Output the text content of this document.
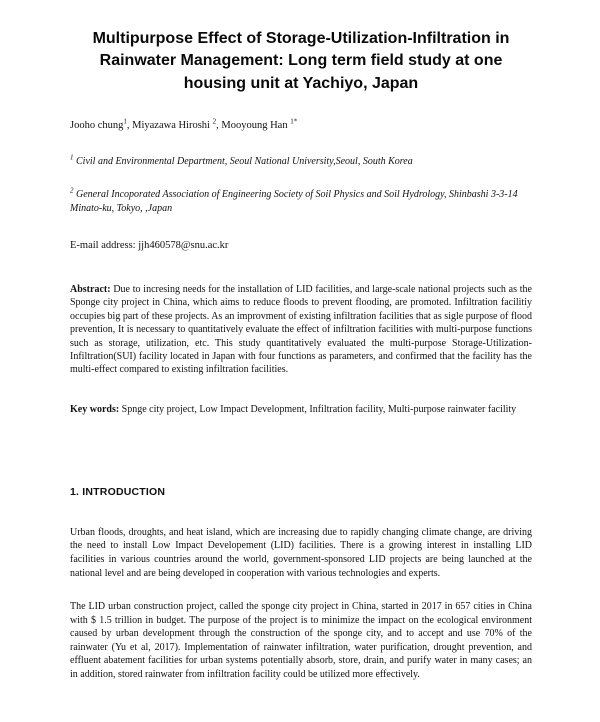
Multipurpose Effect of Storage-Utilization-Infiltration in Rainwater Management: Long term field study at one housing unit at Yachiyo, Japan

Jooho chung$^1$, Miyazawa Hiroshi $^2$, Mooyoung Han $^{1*}$

$^1$ Civil and Environmental Department, Seoul National University,Seoul, South Korea

$^2$ General Incoporated Association of Engineering Society of Soil Physics and Soil Hydrology, Shinbashi 3-3-14 Minato-ku, Tokyo, ,Japan

E-mail address: jjh460578@snu.ac.kr

Abstract: Due to incresing needs for the installation of LID facilities, and large-scale national projects such as the Sponge city project in China, which aims to reduce floods to prevent flooding, are promoted. Infiltration facilitiy occupies big part of these projects. As an improvment of existing infiltration facilities that as sigle purpose of flood prevention, It is necessary to quantitatively evaluate the effect of infiltration facilities with multi-purpose functions such as storage, utilization, etc. This study quantitatively evaluated the multi-purpose Storage-Utilization-Infiltration(SUI) facility located in Japan with four functions as parameters, and confirmed that the facility has the multi-effect compared to existing infiltration facilities.

Key words: Spnge city project, Low Impact Development, Infiltration facility, Multi-purpose rainwater facility

1. INTRODUCTION

Urban floods, droughts, and heat island, which are increasing due to rapidly changing climate change, are driving the need to install Low Impact Developement (LID) facilities. There is a growing interest in installing LID facilities in various countries around the world, government-sponsored LID projects are being launched at the national level and are being developed in cooperation with various technologies and experts.

The LID urban construction project, called the sponge city project in China, started in 2017 in 657 cities in China with $ 1.5 trillion in budget. The purpose of the project is to minimize the impact on the ecological environment caused by urban development through the construction of the sponge city, and to accept and use 70% of the rainwater (Yu et al, 2017). Implementation of rainwater infiltration, water purification, drought prevention, and effluent abatement facilities for urban systems potentially absorb, store, drain, and purify water in many cases; an in addition, stored rainwater from infiltration facility could be utilized more effectively.
